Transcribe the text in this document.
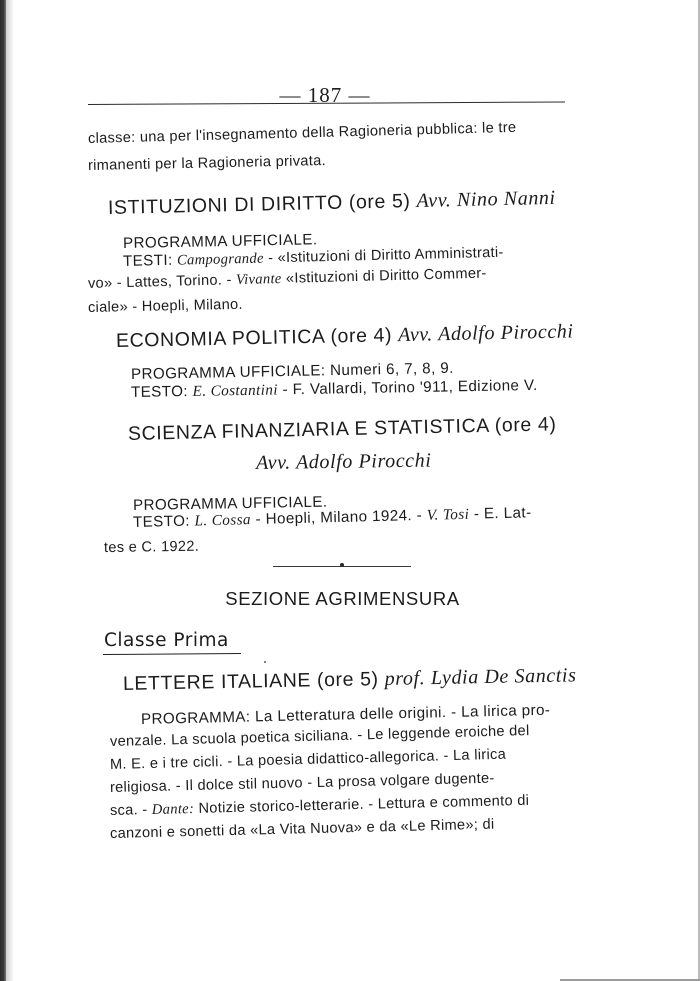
— 187 —
classe: una per l'insegnamento della Ragioneria pubblica: le tre
rimanenti per la Ragioneria privata.
ISTITUZIONI DI DIRITTO (ore 5) Avv. Nino Nanni
PROGRAMMA UFFICIALE.
TESTI: Campogrande - «Istituzioni di Diritto Amministrati-
vo» - Lattes, Torino. - Vivante «Istituzioni di Diritto Commer-
ciale» - Hoepli, Milano.
ECONOMIA POLITICA (ore 4) Avv. Adolfo Pirocchi
PROGRAMMA UFFICIALE: Numeri 6, 7, 8, 9.
TESTO: E. Costantini - F. Vallardi, Torino '911, Edizione V.
SCIENZA FINANZIARIA E STATISTICA (ore 4)
Avv. Adolfo Pirocchi
PROGRAMMA UFFICIALE.
TESTO: L. Cossa - Hoepli, Milano 1924. - V. Tosi - E. Lat-
tes e C. 1922.
SEZIONE AGRIMENSURA
Classe Prima
LETTERE ITALIANE (ore 5) prof. Lydia De Sanctis
PROGRAMMA: La Letteratura delle origini. - La lirica pro-
venzale. La scuola poetica siciliana. - Le leggende eroiche del
M. E. e i tre cicli. - La poesia didattico-allegorica. - La lirica
religiosa. - Il dolce stil nuovo - La prosa volgare dugente-
sca. - Dante: Notizie storico-letterarie. - Lettura e commento di
canzoni e sonetti da «La Vita Nuova» e da «Le Rime»; di
